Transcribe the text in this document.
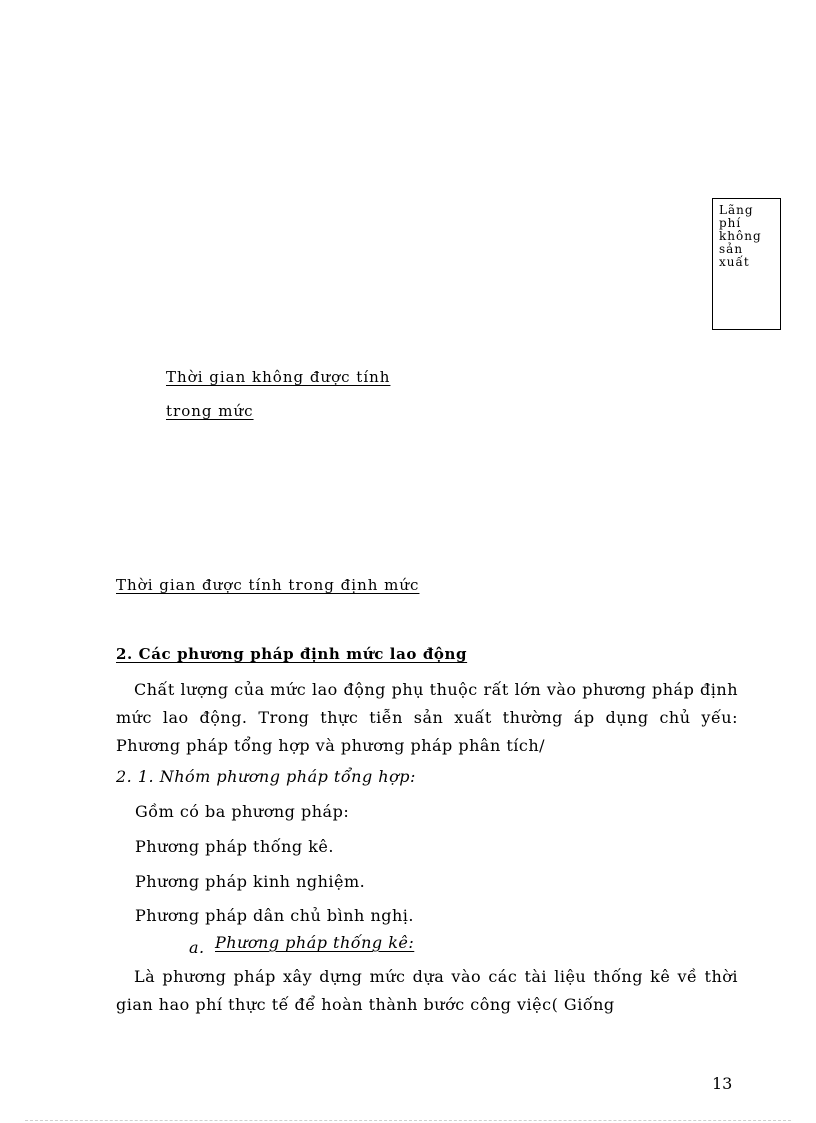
Lãng
phí
không
sản
xuất
Thời gian không được tính
trong mức
Thời gian được tính trong định mức
2. Các phương pháp định mức lao động
Chất lượng của mức lao động phụ thuộc rất lớn vào phương pháp định mức lao động. Trong thực tiễn sản xuất thường áp dụng chủ yếu: Phương pháp tổng hợp và phương pháp phân tích/
2. 1. Nhóm phương pháp tổng hợp:
Gồm có ba phương pháp:
Phương pháp thống kê.
Phương pháp kinh nghiệm.
Phương pháp dân chủ bình nghị.
a. Phương pháp thống kê:
Là phương pháp xây dựng mức dựa vào các tài liệu thống kê về thời gian hao phí thực tế để hoàn thành bước công việc( Giống
13
